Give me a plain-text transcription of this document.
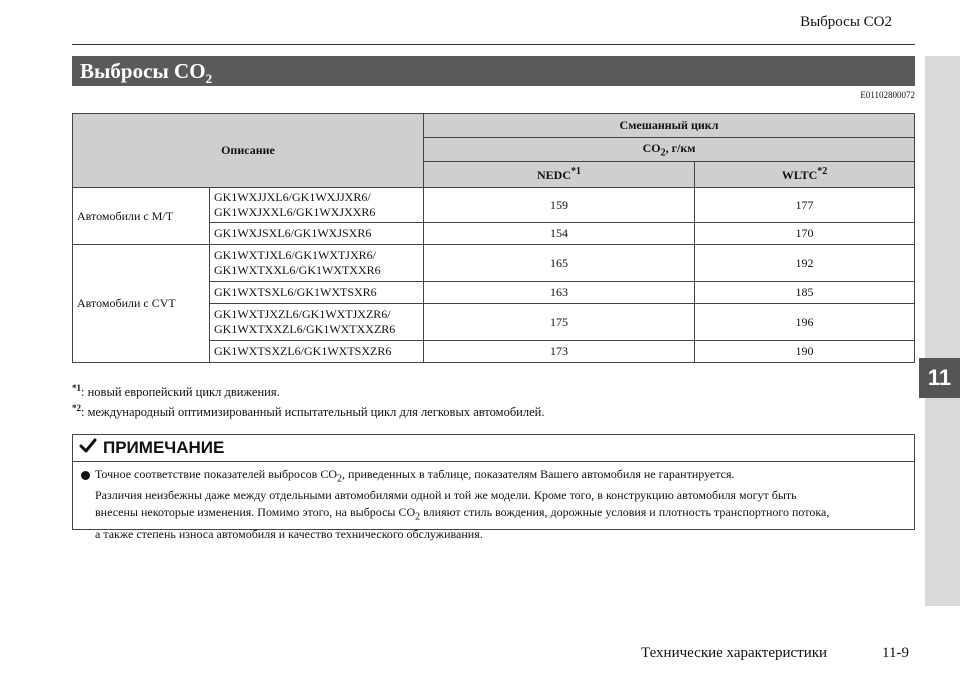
Выбросы CO2
11
Выбросы $CO_2$
E01102800072
Описание		Смешанный цикл	
		$CO_2$, г/км	
		NEDC$^{*1}$	WLTC$^{*2}$
Автомобили с M/T	GK1WXJJXL6/GK1WXJJXR6/
GK1WXJXXL6/GK1WXJXXR6	159	177
	GK1WXJSXL6/GK1WXJSXR6	154	170
Автомобили с CVT	GK1WXTJXL6/GK1WXTJXR6/
GK1WXTXXL6/GK1WXTXXR6	165	192
	GK1WXTSXL6/GK1WXTSXR6	163	185
	GK1WXTJXZL6/GK1WXTJXZR6/
GK1WXTXXZL6/GK1WXTXXZR6	175	196
	GK1WXTSXZL6/GK1WXTSXZR6	173	190
$^{*1}$: новый европейский цикл движения.
$^{*2}$: международный оптимизированный испытательный цикл для легковых автомобилей.
ПРИМЕЧАНИЕ
Точное соответствие показателей выбросов $CO_2$, приведенных в таблице, показателям Вашего автомобиля не гарантируется.
Различия неизбежны даже между отдельными автомобилями одной и той же модели. Кроме того, в конструкцию автомобиля могут быть
внесены некоторые изменения. Помимо этого, на выбросы $CO_2$ влияют стиль вождения, дорожные условия и плотность транспортного потока,
а также степень износа автомобиля и качество технического обслуживания.
Технические характеристики	11-9
